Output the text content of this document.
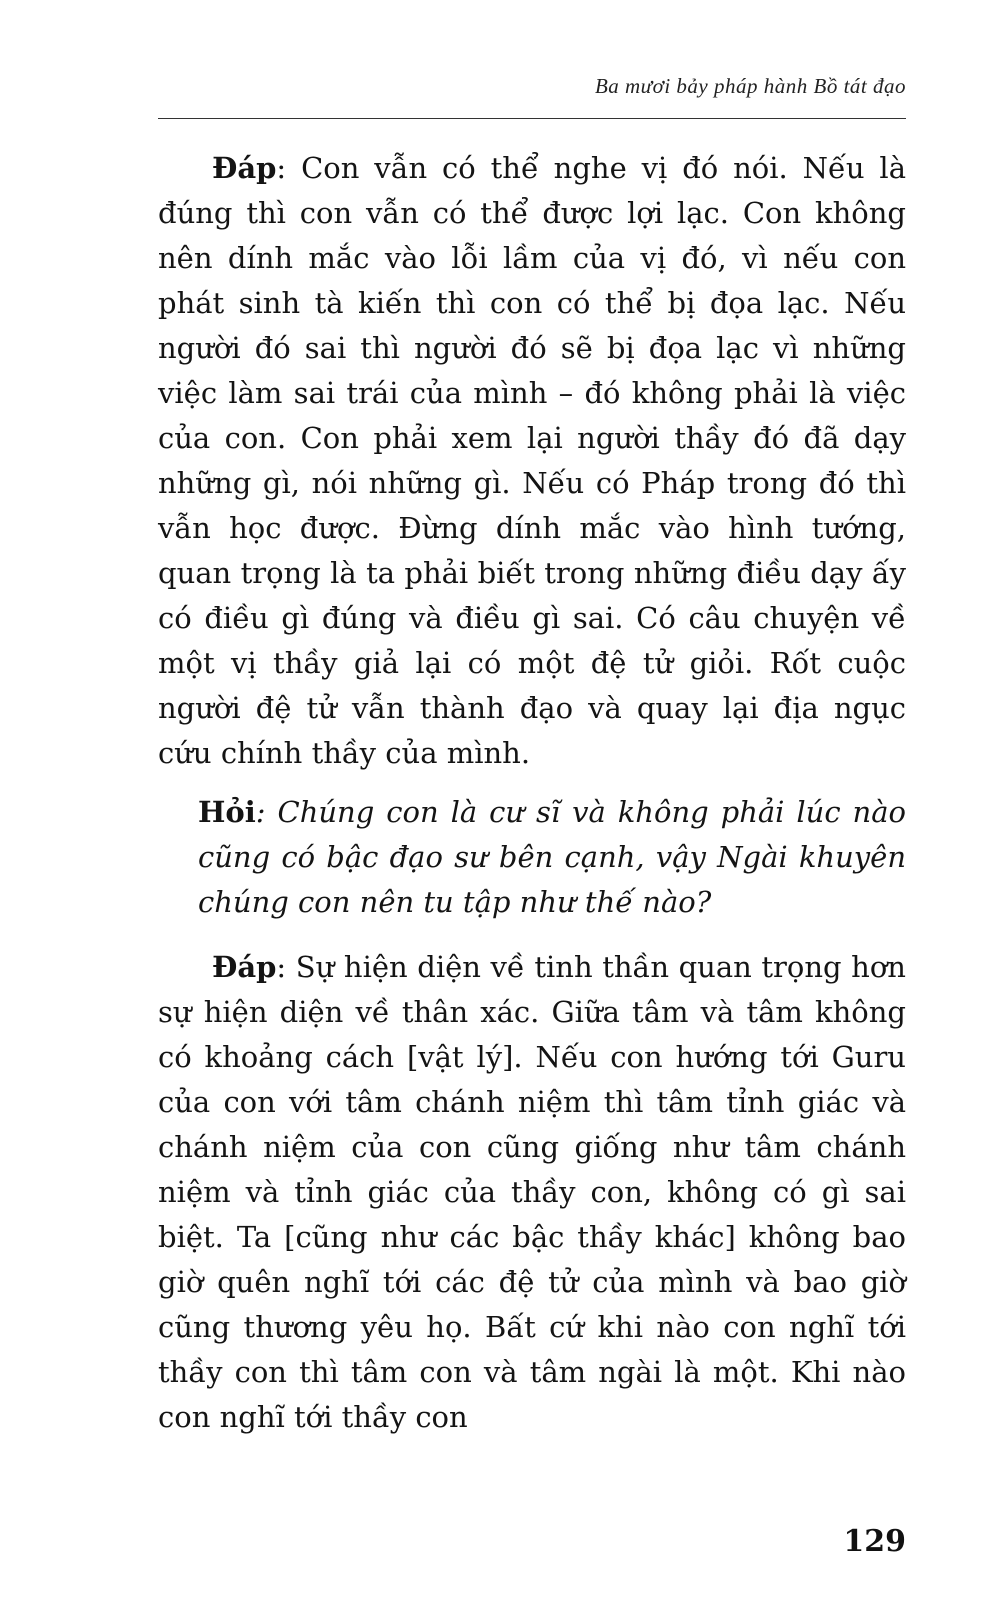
Ba mươi bảy pháp hành Bồ tát đạo

Đáp: Con vẫn có thể nghe vị đó nói. Nếu là đúng thì con vẫn có thể được lợi lạc. Con không nên dính mắc vào lỗi lầm của vị đó, vì nếu con phát sinh tà kiến thì con có thể bị đọa lạc. Nếu người đó sai thì người đó sẽ bị đọa lạc vì những việc làm sai trái của mình – đó không phải là việc của con. Con phải xem lại người thầy đó đã dạy những gì, nói những gì. Nếu có Pháp trong đó thì vẫn học được. Đừng dính mắc vào hình tướng, quan trọng là ta phải biết trong những điều dạy ấy có điều gì đúng và điều gì sai. Có câu chuyện về một vị thầy giả lại có một đệ tử giỏi. Rốt cuộc người đệ tử vẫn thành đạo và quay lại địa ngục cứu chính thầy của mình.

Hỏi: Chúng con là cư sĩ và không phải lúc nào cũng có bậc đạo sư bên cạnh, vậy Ngài khuyên chúng con nên tu tập như thế nào?

Đáp: Sự hiện diện về tinh thần quan trọng hơn sự hiện diện về thân xác. Giữa tâm và tâm không có khoảng cách [vật lý]. Nếu con hướng tới Guru của con với tâm chánh niệm thì tâm tỉnh giác và chánh niệm của con cũng giống như tâm chánh niệm và tỉnh giác của thầy con, không có gì sai biệt. Ta [cũng như các bậc thầy khác] không bao giờ quên nghĩ tới các đệ tử của mình và bao giờ cũng thương yêu họ. Bất cứ khi nào con nghĩ tới thầy con thì tâm con và tâm ngài là một. Khi nào con nghĩ tới thầy con

129
